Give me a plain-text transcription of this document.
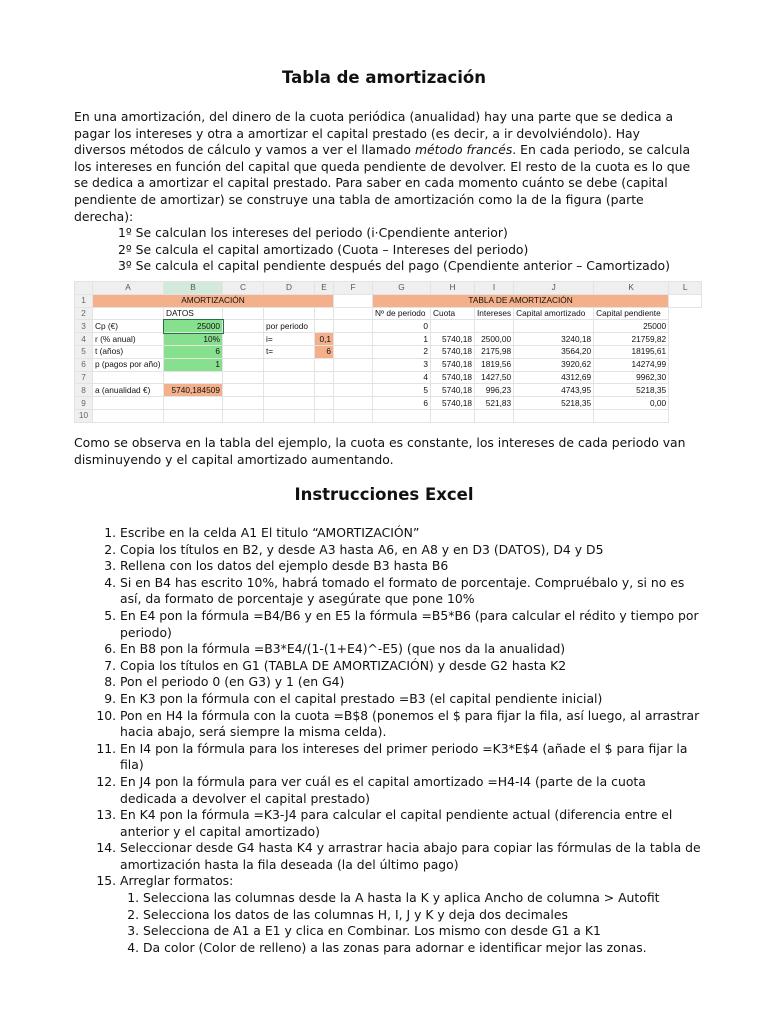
Tabla de amortización
En una amortización, del dinero de la cuota periódica (anualidad) hay una parte que se dedica a pagar los intereses y otra a amortizar el capital prestado (es decir, a ir devolviéndolo). Hay diversos métodos de cálculo y vamos a ver el llamado método francés. En cada periodo, se calcula los intereses en función del capital que queda pendiente de devolver. El resto de la cuota es lo que se dedica a amortizar el capital prestado. Para saber en cada momento cuánto se debe (capital pendiente de amortizar) se construye una tabla de amortización como la de la figura (parte derecha):
1º Se calculan los intereses del periodo (i·Cpendiente anterior)
2º Se calcula el capital amortizado (Cuota – Intereses del periodo)
3º Se calcula el capital pendiente después del pago (Cpendiente anterior – Camortizado)
	A	B	C	D	E	F	G	H	I	J	K	L
1	AMORTIZACIÓN						TABLA DE AMORTIZACIÓN					
2		DATOS					Nº de periodo	Cuota	Intereses	Capital amortizado	Capital pendiente	
3	Cp (€)	25000		por periodo			0				25000	
4	r (% anual)	10%		i=	0,1		1	5740,18	2500,00	3240,18	21759,82	
5	t (años)	6		t=	6		2	5740,18	2175,98	3564,20	18195,61	
6	p (pagos por año)	1					3	5740,18	1819,56	3920,62	14274,99	
7							4	5740,18	1427,50	4312,69	9962,30	
8	a (anualidad €)	5740,184509					5	5740,18	996,23	4743,95	5218,35	
9							6	5740,18	521,83	5218,35	0,00	
10												
Como se observa en la tabla del ejemplo, la cuota es constante, los intereses de cada periodo van disminuyendo y el capital amortizado aumentando.
Instrucciones Excel
1. Escribe en la celda A1 El titulo “AMORTIZACIÓN”
2. Copia los títulos en B2, y desde A3 hasta A6, en A8 y en D3 (DATOS), D4 y D5
3. Rellena con los datos del ejemplo desde B3 hasta B6
4. Si en B4 has escrito 10%, habrá tomado el formato de porcentaje. Compruébalo y, si no es así, da formato de porcentaje y asegúrate que pone 10%
5. En E4 pon la fórmula =B4/B6 y en E5 la fórmula =B5*B6 (para calcular el rédito y tiempo por periodo)
6. En B8 pon la fórmula =B3*E4/(1-(1+E4)^-E5) (que nos da la anualidad)
7. Copia los títulos en G1 (TABLA DE AMORTIZACIÓN) y desde G2 hasta K2
8. Pon el periodo 0 (en G3) y 1 (en G4)
9. En K3 pon la fórmula con el capital prestado =B3 (el capital pendiente inicial)
10. Pon en H4 la fórmula con la cuota =B$8 (ponemos el $ para fijar la fila, así luego, al arrastrar hacia abajo, será siempre la misma celda).
11. En I4 pon la fórmula para los intereses del primer periodo =K3*E$4 (añade el $ para fijar la fila)
12. En J4 pon la fórmula para ver cuál es el capital amortizado =H4-I4 (parte de la cuota dedicada a devolver el capital prestado)
13. En K4 pon la fórmula =K3-J4 para calcular el capital pendiente actual (diferencia entre el anterior y el capital amortizado)
14. Seleccionar desde G4 hasta K4 y arrastrar hacia abajo para copiar las fórmulas de la tabla de amortización hasta la fila deseada (la del último pago)
15. Arreglar formatos:
1. Selecciona las columnas desde la A hasta la K y aplica Ancho de columna > Autofit
2. Selecciona los datos de las columnas H, I, J y K y deja dos decimales
3. Selecciona de A1 a E1 y clica en Combinar. Los mismo con desde G1 a K1
4. Da color (Color de relleno) a las zonas para adornar e identificar mejor las zonas.
